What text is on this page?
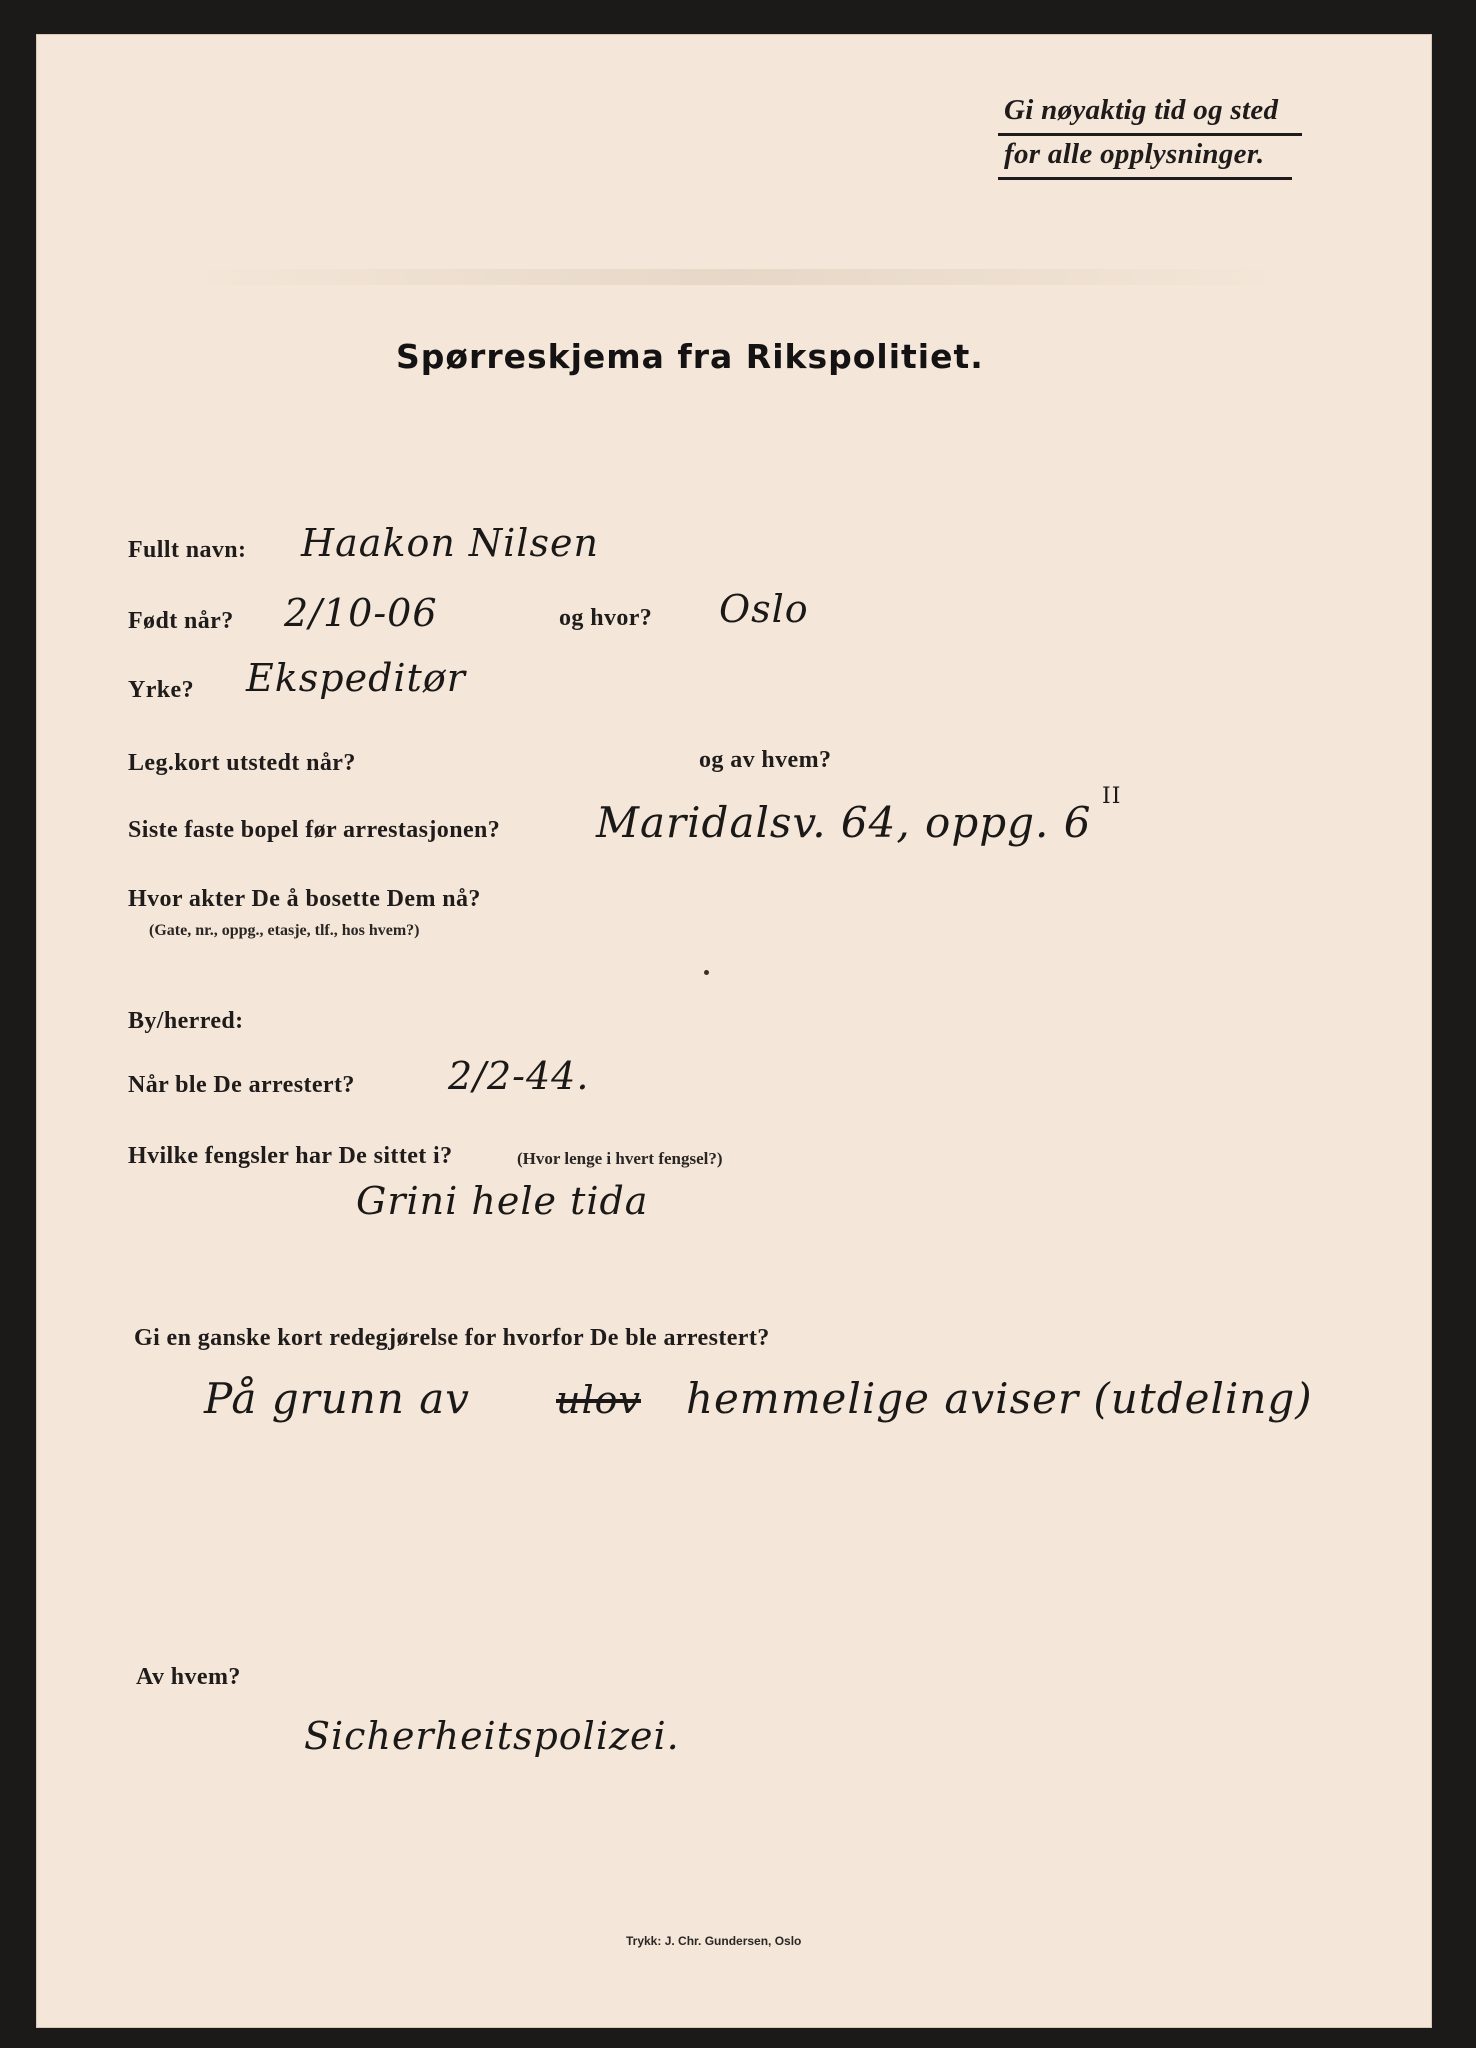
Gi nøyaktig tid og sted
for alle opplysninger.
Spørreskjema fra Rikspolitiet.
Fullt navn: Haakon Nilsen
Født når? 2/10-06	og hvor? Oslo
Yrke? Ekspeditør
Leg.kort utstedt når?	og av hvem?
Siste faste bopel før arrestasjonen? Maridalsv. 64, oppg. 6
II
Hvor akter De å bosette Dem nå?
(Gate, nr., oppg., etasje, tlf., hos hvem?)
By/herred:
Når ble De arrestert? 2/2-44.
Hvilke fengsler har De sittet i?	(Hvor lenge i hvert fengsel?)
Grini hele tida
Gi en ganske kort redegjørelse for hvorfor De ble arrestert?
På grunn av ulov hemmelige aviser (utdeling)
Av hvem?
Sicherheitspolizei.
Trykk: J. Chr. Gundersen, Oslo
